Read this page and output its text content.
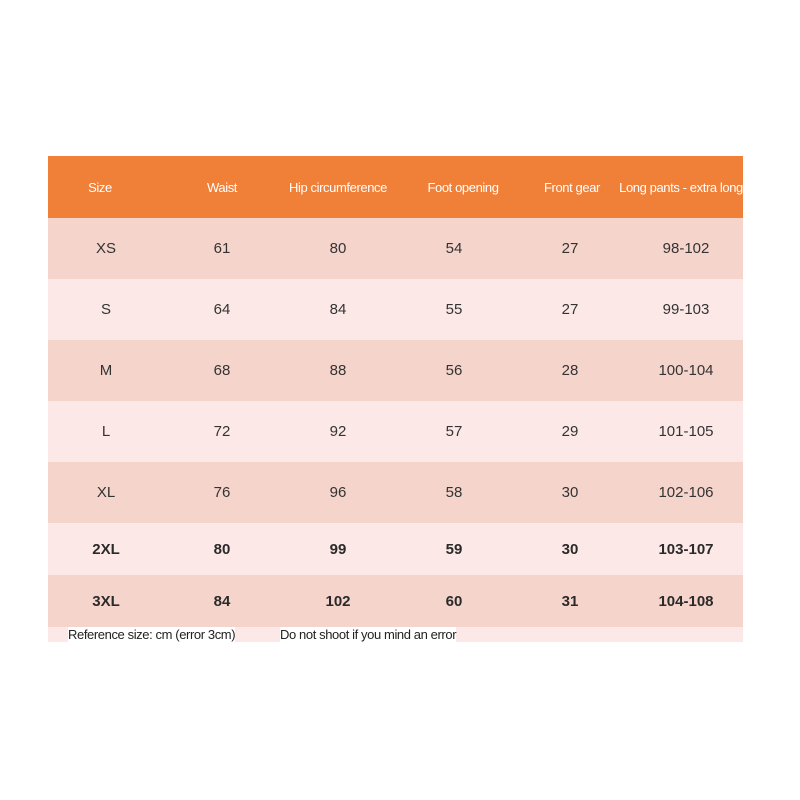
Size	Waist	Hip circumference	Foot opening	Front gear	Long pants - extra long
XS	61	80	54	27	98-102
S	64	84	55	27	99-103
M	68	88	56	28	100-104
L	72	92	57	29	101-105
XL	76	96	58	30	102-106
2XL	80	99	59	30	103-107
3XL	84	102	60	31	104-108
Reference size: cm (error 3cm)	Do not shoot if you mind an error
